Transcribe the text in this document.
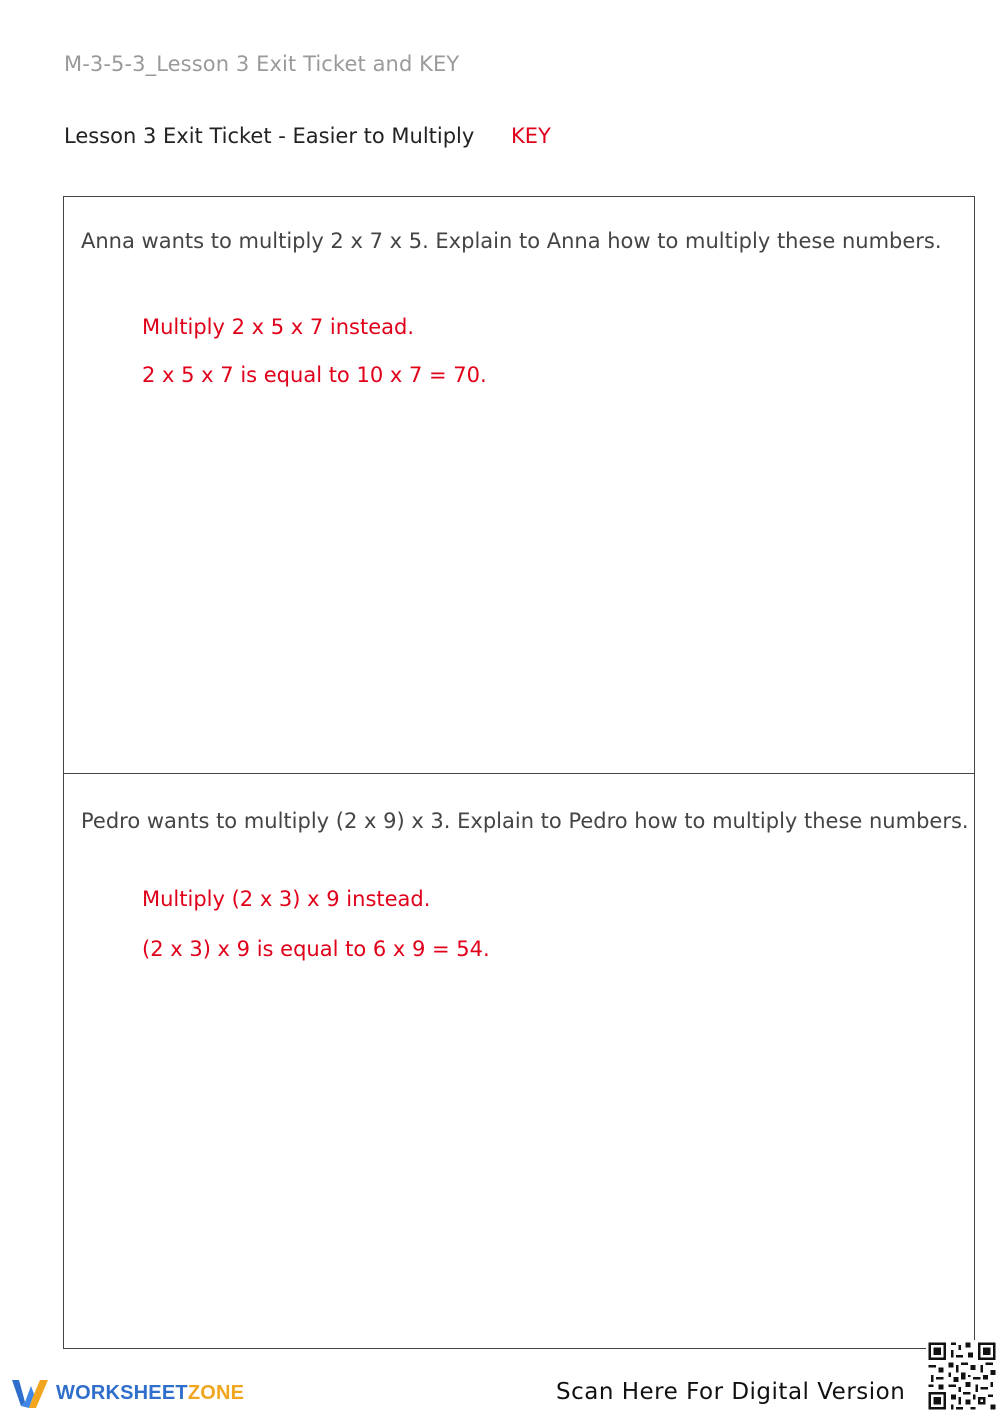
M-3-5-3_Lesson 3 Exit Ticket and KEY
Lesson 3 Exit Ticket - Easier to Multiply KEY
Anna wants to multiply 2 x 7 x 5. Explain to Anna how to multiply these numbers.
Multiply 2 x 5 x 7 instead.
2 x 5 x 7 is equal to 10 x 7 = 70.
Pedro wants to multiply (2 x 9) x 3. Explain to Pedro how to multiply these numbers.
Multiply (2 x 3) x 9 instead.
(2 x 3) x 9 is equal to 6 x 9 = 54.
WORKSHEETZONE	Scan Here For Digital Version
